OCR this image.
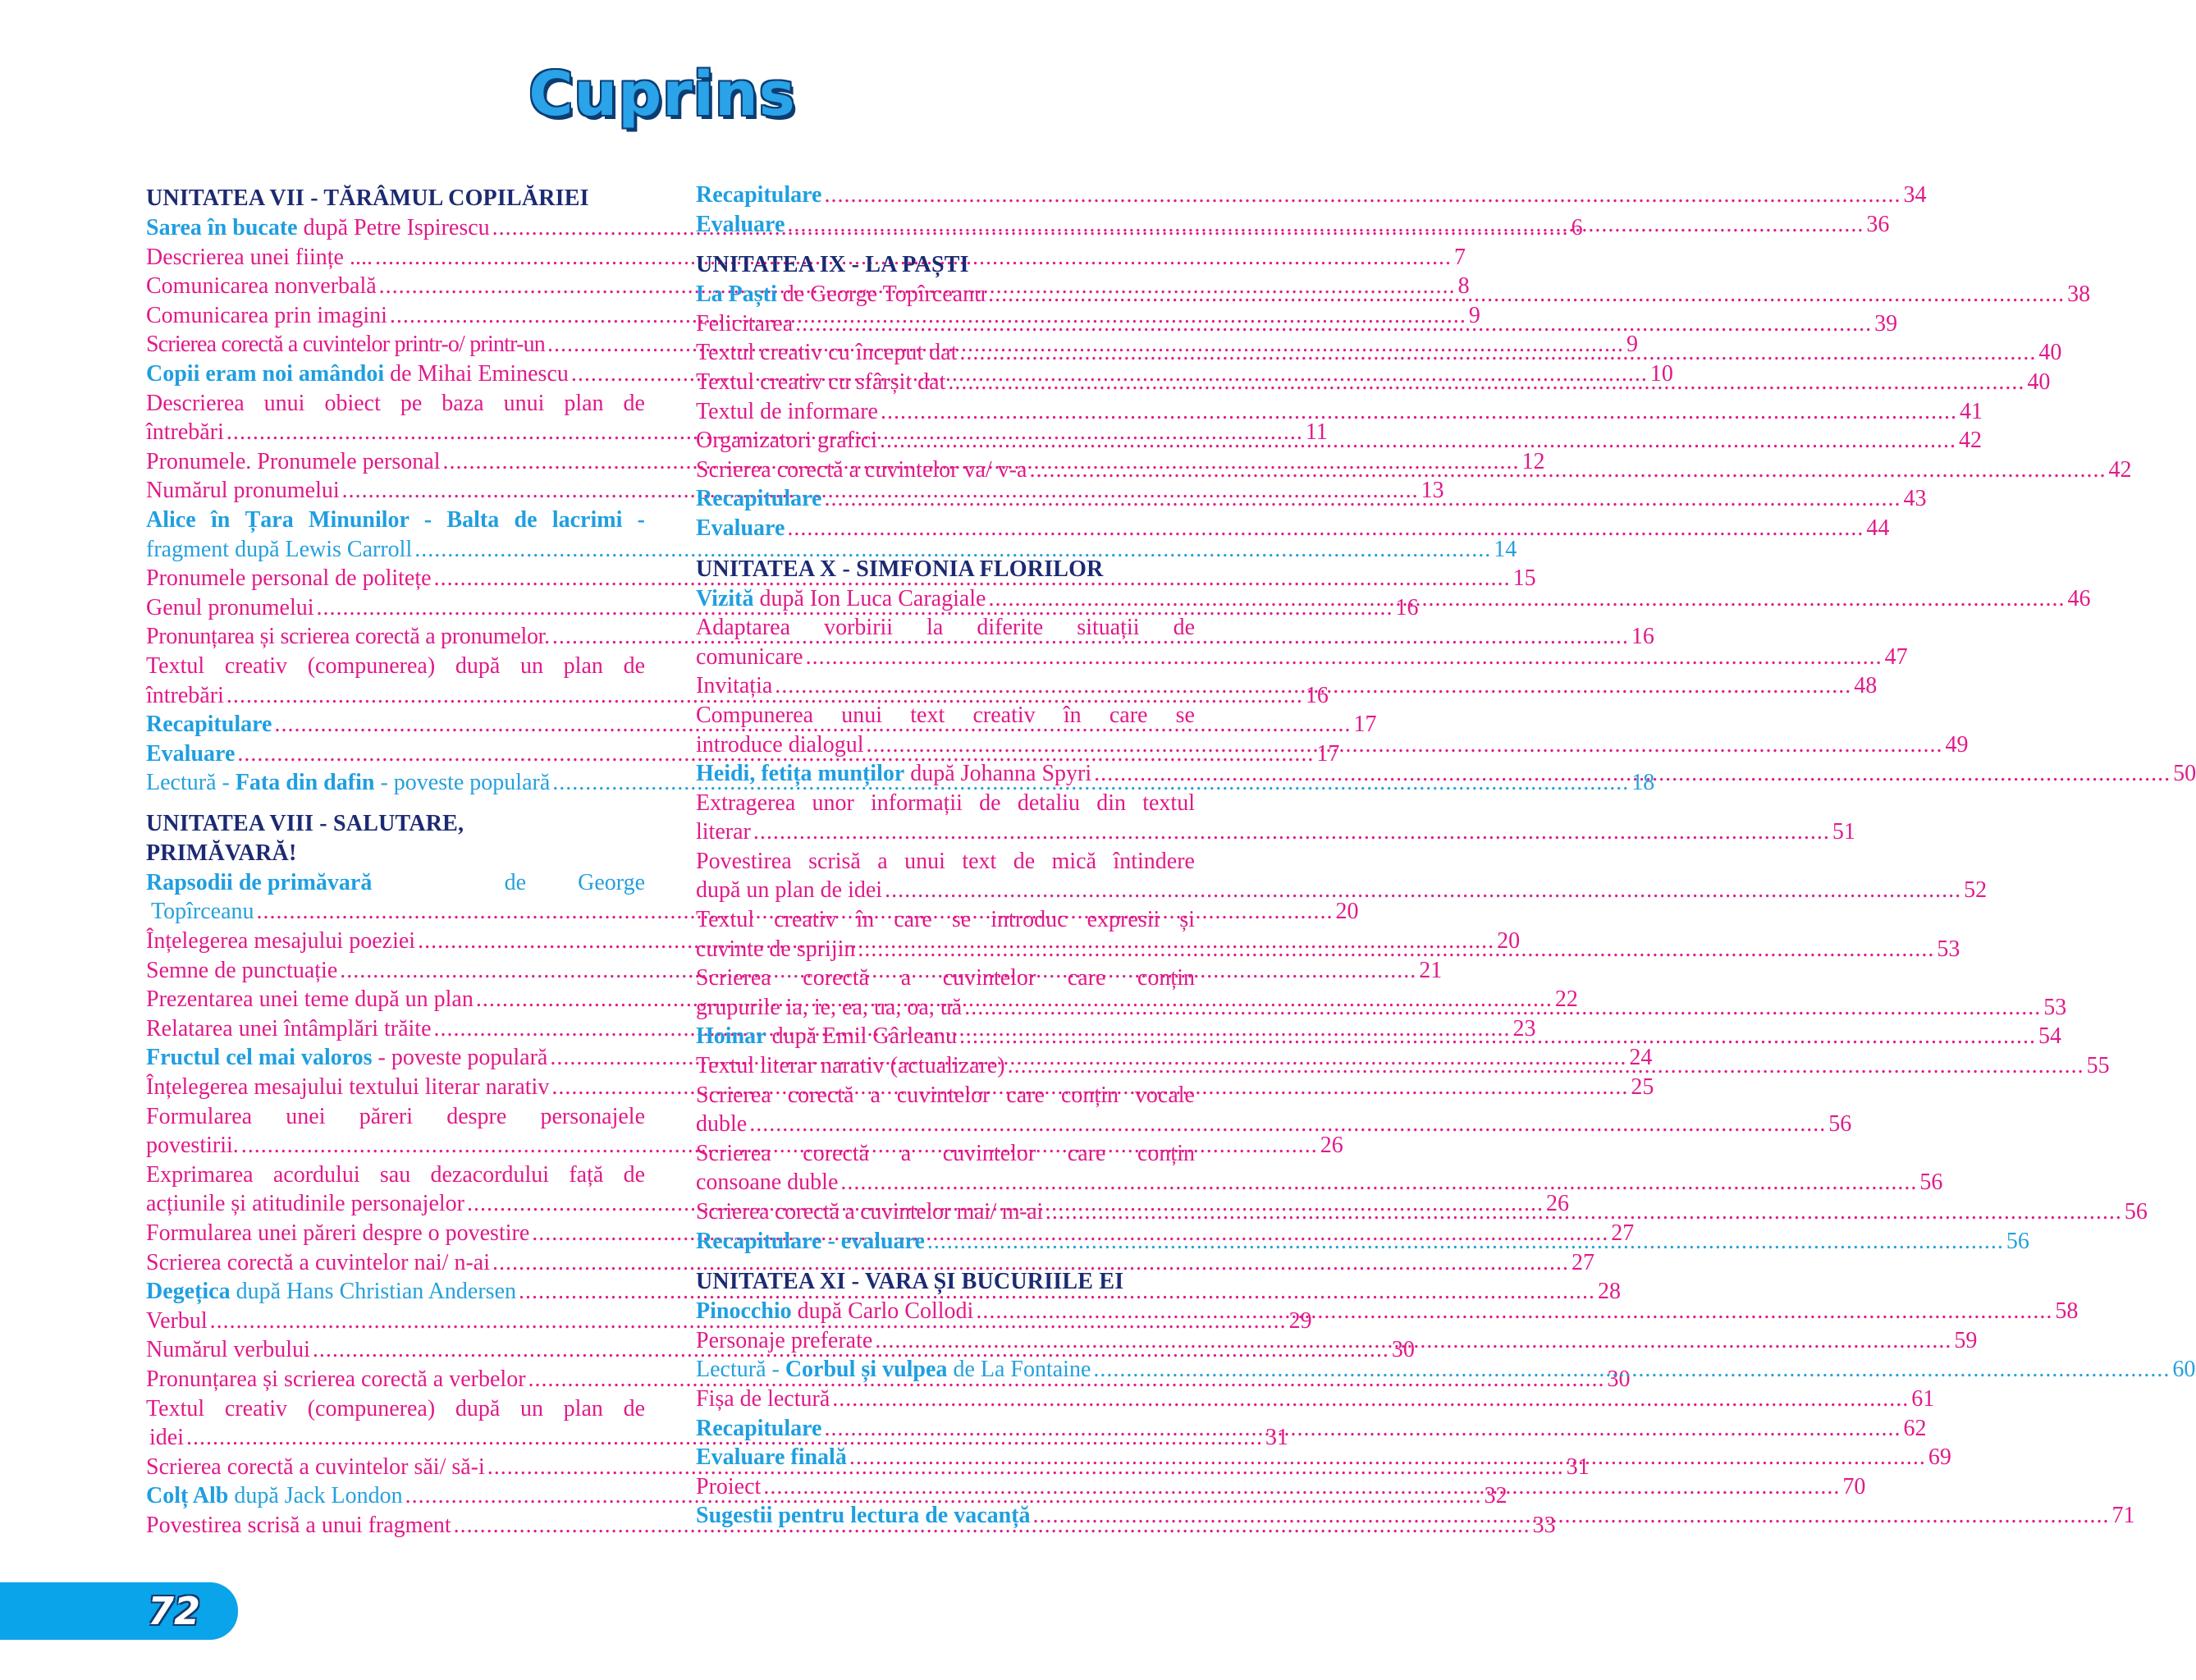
Cuprins
UNITATEA VII - TĂRÂMUL COPILĂRIEI
Sarea în bucate după Petre Ispirescu .....	6
Descrierea unei ființe .... .....	7
Comunicarea nonverbală .....	8
Comunicarea prin imagini .....	9
Scrierea corectă a cuvintelor printr-o/ printr-un .....	9
Copii eram noi amândoi de Mihai Eminescu .....	10
Descrierea unui obiect pe baza unui plan de
întrebări .....	11
Pronumele. Pronumele personal .....	12
Numărul pronumelui .....	13
Alice în Țara Minunilor - Balta de lacrimi -
fragment după Lewis Carroll .....	14
Pronumele personal de politețe .....	15
Genul pronumelui .....	16
Pronunțarea și scrierea corectă a pronumelor. .....	16
Textul creativ (compunerea) după un plan de
întrebări .....	16
Recapitulare .....	17
Evaluare .....	17
Lectură - Fata din dafin - poveste populară .....	18
UNITATEA VIII - SALUTARE,
PRIMĂVARĂ!
Rapsodii de primăvară	de George
Topîrceanu .....	20
Înțelegerea mesajului poeziei .....	20
Semne de punctuație .....	21
Prezentarea unei teme după un plan .....	22
Relatarea unei întâmplări trăite .....	23
Fructul cel mai valoros - poveste populară .....	24
Înțelegerea mesajului textului literar narativ .....	25
Formularea unei păreri despre personajele
povestirii. .....	26
Exprimarea acordului sau dezacordului față de
acțiunile și atitudinile personajelor .....	26
Formularea unei păreri despre o povestire .....	27
Scrierea corectă a cuvintelor nai/ n-ai .....	27
Degețica după Hans Christian Andersen .....	28
Verbul .....	29
Numărul verbului .....	30
Pronunțarea și scrierea corectă a verbelor .....	30
Textul creativ (compunerea) după un plan de
idei .....	31
Scrierea corectă a cuvintelor săi/ să-i .....	31
Colț Alb după Jack London .....	32
Povestirea scrisă a unui fragment .....	33
Recapitulare .....	34
Evaluare .....	36
UNITATEA IX - LA PAȘTI
La Paști de George Topîrceanu .....	38
Felicitarea .....	39
Textul creativ cu început dat .....	40
Textul creativ cu sfârșit dat .....	40
Textul de informare .....	41
Organizatori grafici .....	42
Scrierea corectă a cuvintelor va/ v-a .....	42
Recapitulare .....	43
Evaluare .....	44
UNITATEA X - SIMFONIA FLORILOR
Vizită după Ion Luca Caragiale .....	46
Adaptarea vorbirii la diferite situații de
comunicare .....	47
Invitația .....	48
Compunerea unui text creativ în care se
introduce dialogul .....	49
Heidi, fetița munților după Johanna Spyri .....	50
Extragerea unor informații de detaliu din textul
literar .....	51
Povestirea scrisă a unui text de mică întindere
după un plan de idei .....	52
Textul creativ în care se introduc expresii și
cuvinte de sprijin .....	53
Scrierea corectă a cuvintelor care conțin
grupurile ia, ie, ea, ua, oa, uă .....	53
Hoinar după Emil Gârleanu .....	54
Textul literar narativ (actualizare) .....	55
Scrierea corectă a cuvintelor care conțin vocale
duble .....	56
Scrierea corectă a cuvintelor care conțin
consoane duble .....	56
Scrierea corectă a cuvintelor mai/ m-ai .....	56
Recapitulare - evaluare .....	56
UNITATEA XI - VARA ȘI BUCURIILE EI
Pinocchio după Carlo Collodi .....	58
Personaje preferate .....	59
Lectură - Corbul și vulpea de La Fontaine .....	60
Fișa de lectură .....	61
Recapitulare .....	62
Evaluare finală .....	69
Proiect .....	70
Sugestii pentru lectura de vacanță .....	71
72
